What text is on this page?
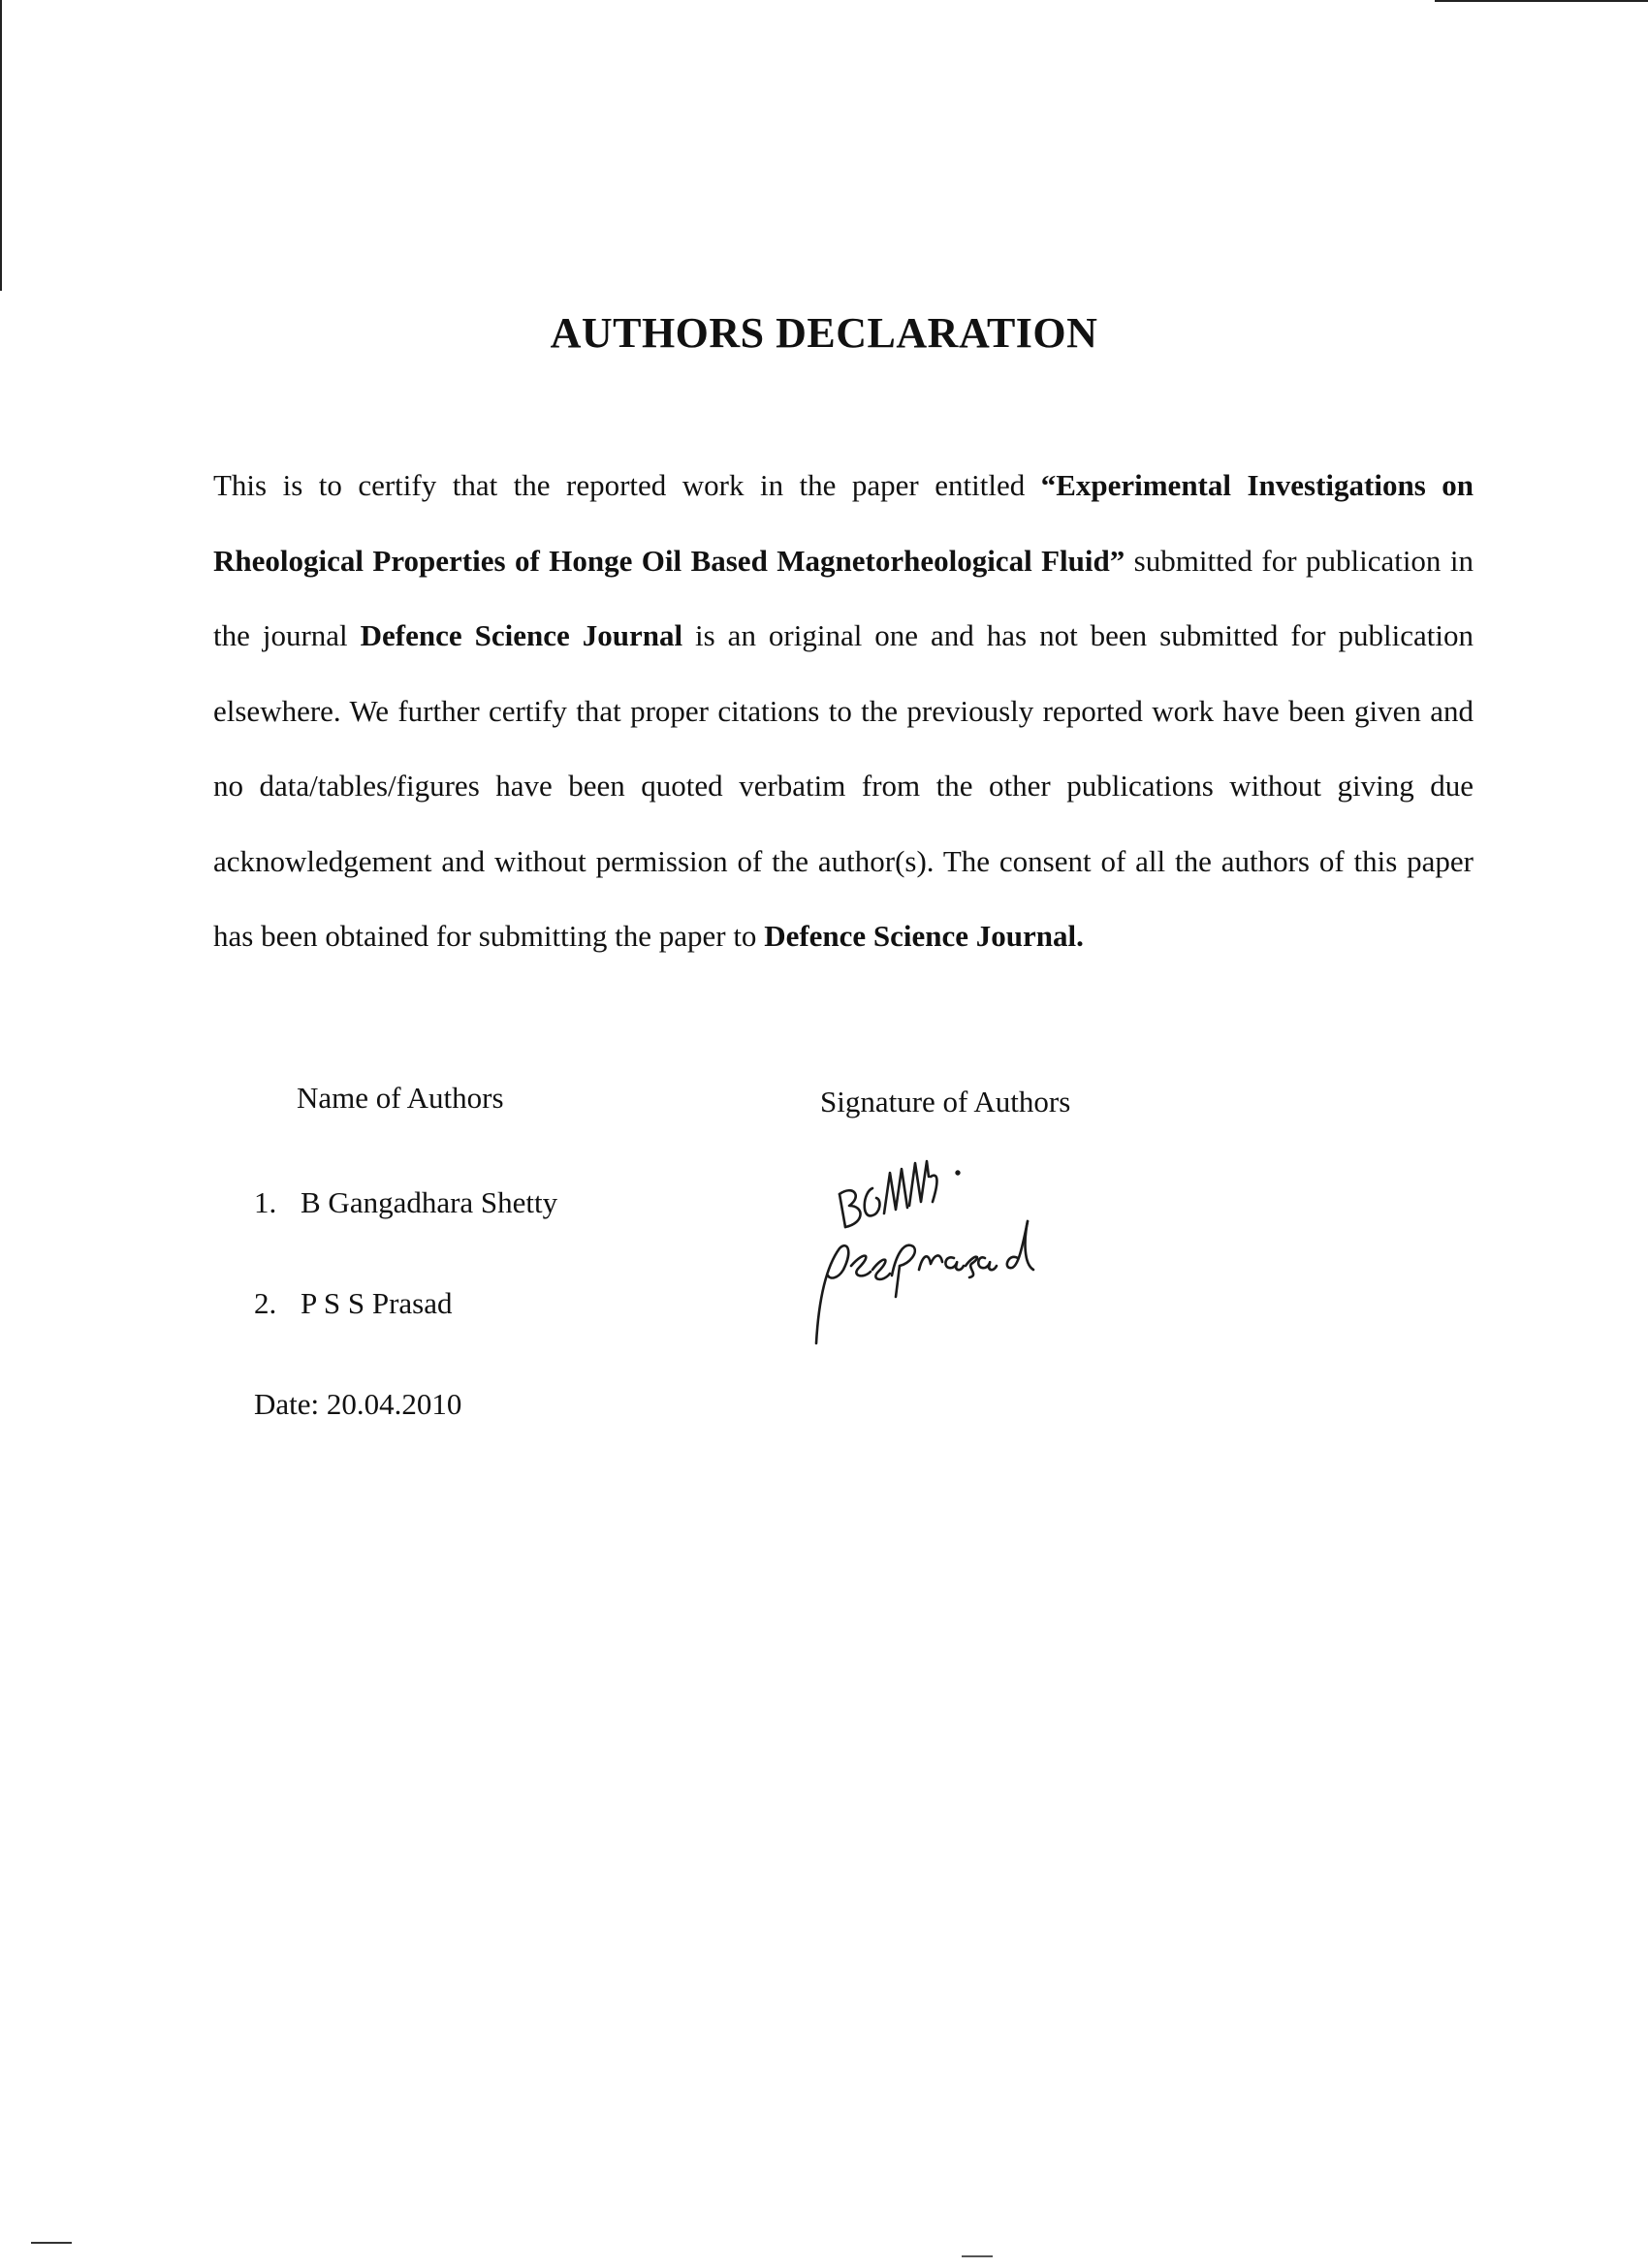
AUTHORS DECLARATION
This is to certify that the reported work in the paper entitled “Experimental Investigations on Rheological Properties of Honge Oil Based Magnetorheological Fluid” submitted for publication in the journal Defence Science Journal is an original one and has not been submitted for publication elsewhere. We further certify that proper citations to the previously reported work have been given and no data/tables/figures have been quoted verbatim from the other publications without giving due acknowledgement and without permission of the author(s). The consent of all the authors of this paper has been obtained for submitting the paper to Defence Science Journal.
Name of Authors	Signature of Authors
1. B Gangadhara Shetty
2. P S S Prasad
Date: 20.04.2010
